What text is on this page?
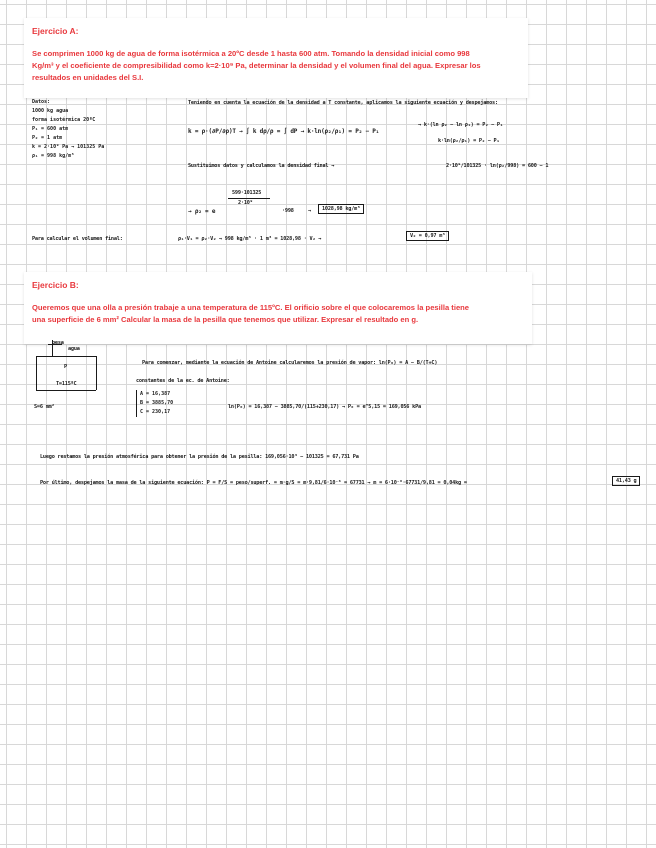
Ejercicio A:

Se comprimen 1000 kg de agua de forma isotérmica a 20ºC desde 1 hasta 600 atm. Tomando la densidad inicial como 998

Kg/m³ y el coeficiente de compresibilidad como k=2·10⁹ Pa, determinar la densidad y el volumen final del agua. Expresar los

resultados en unidades del S.I.

Datos:
1000 kg agua
forma isotérmica 20ºC
P₁ = 600 atm
P₂ = 1 atm
k = 2·10⁹ Pa → 101325 Pa
ρ₁ = 998 kg/m³
Teniendo en cuenta la ecuación de la densidad a T constante, aplicamos la siguiente ecuación y despejamos:
k = ρ·(∂P/∂ρ)T → ∫ k dρ/ρ = ∫ dP → k·ln(ρ₂/ρ₁) = P₂ − P₁
→ k·(ln ρ₂ − ln ρ₁) = P₂ − P₁
k·ln(ρ₂/ρ₁) = P₂ − P₁
Sustituimos datos y calculamos la densidad final →	2·10⁹/101325 · ln(ρ₂/998) = 600 − 1
599·101325
2·10⁹
→ ρ₂ = e	·998	→	1028,98 kg/m³
Para calcular el volumen final:	ρ₁·V₁ = ρ₂·V₂ → 998 kg/m³ · 1 m³ = 1028,98 · V₂ →	V₂ = 0,97 m³

Ejercicio B:

Queremos que una olla a presión trabaje a una temperatura de 115ºC. El orificio sobre el que colocaremos la pesilla tiene

una superficie de 6 mm² Calcular la masa de la pesilla que tenemos que utilizar. Expresar el resultado en g.

pesa
agua
P
T=115ºC
S=6 mm²
Para comenzar, mediante la ecuación de Antoine calcularemos la presión de vapor: ln(P₀) = A − B/(T+C)
constantes de la ec. de Antoine:
A = 16,387
B = 3885,70
C = 230,17
ln(P₀) = 16,387 − 3885,70/(115+230,17) → P₀ = e^5,15 = 169,056 kPa
Luego restamos la presión atmosférica para obtener la presión de la pesilla: 169,056·10³ − 101325 = 67,731 Pa
Por último, despejamos la masa de la siguiente ecuación: P = F/S = peso/superf. = m·g/S = m·9,81/6·10⁻⁶ = 67731 → m = 6·10⁻⁶·67731/9,81 = 0,04kg =	41,43 g
